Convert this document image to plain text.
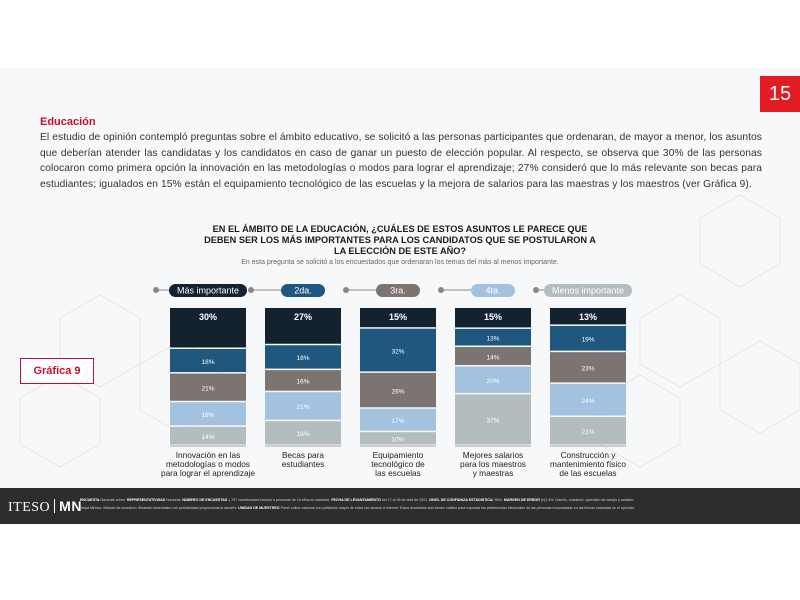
15
Educación
El estudio de opinión contempló preguntas sobre el ámbito educativo, se solicitó a las personas participantes que ordenaran, de mayor a menor, los asuntos que deberían atender las candidatas y los candidatos en caso de ganar un puesto de elección popular. Al respecto, se observa que 30% de las personas colocaron como primera opción la innovación en las metodologías o modos para lograr el aprendizaje; 27% consideró que lo más relevante son becas para estudiantes; igualados en 15% están el equipamiento tecnológico de las escuelas y la mejora de salarios para las maestras y los maestros (ver Gráfica 9).
EN EL ÁMBITO DE LA EDUCACIÓN, ¿CUÁLES DE ESTOS ASUNTOS LE PARECE QUE DEBEN SER LOS MÁS IMPORTANTES PARA LOS CANDIDATOS QUE SE POSTULARON A LA ELECCIÓN DE ESTE AÑO?
En esta pregunta se solicitó a los encuestados que ordenaran los temas del más al menos importante.
Gráfica 9
Más importante	2da.	3ra.	4ta.	Menos importante
30%
18%
21%
18%
14%
Innovación en las
metodologías o modos
para lograr el aprendizaje
27%
18%
16%
21%
18%
Becas para
estudiantes
15%
32%
26%
17%
10%
Equipamiento
tecnológico de
las escuelas
15%
13%
14%
20%
37%
Mejores salarios
para los maestros
y maestras
13%
19%
23%
24%
21%
Construcción y
mantenimiento físico
de las escuelas
ITESO MN
ENCUESTA Nacional online. REPRESENTATIVIDAD Nacional. NÚMERO DE ENCUESTAS 1,797 cuestionarios hechos a personas de 18 años en adelante. FECHA DE LEVANTAMIENTO del 17 al 28 de abril de 2021. NIVEL DE CONFIANZA ESTADÍSTICA: 95%. MARGEN DE ERROR (±)2.4%. Diseño, muestreo, operativo de campo y análisis:
Mapa México. Método de muestreo: Aleatorio sistemático con probabilidad proporcional al tamaño. UNIDAD DE MUESTREO Panel online nacional con población mayor de edad con acceso a internet. Estos resultados sólo tienen validez para expresar las preferencias electorales de las personas encuestadas en las fechas indicadas en el ejercicio.
